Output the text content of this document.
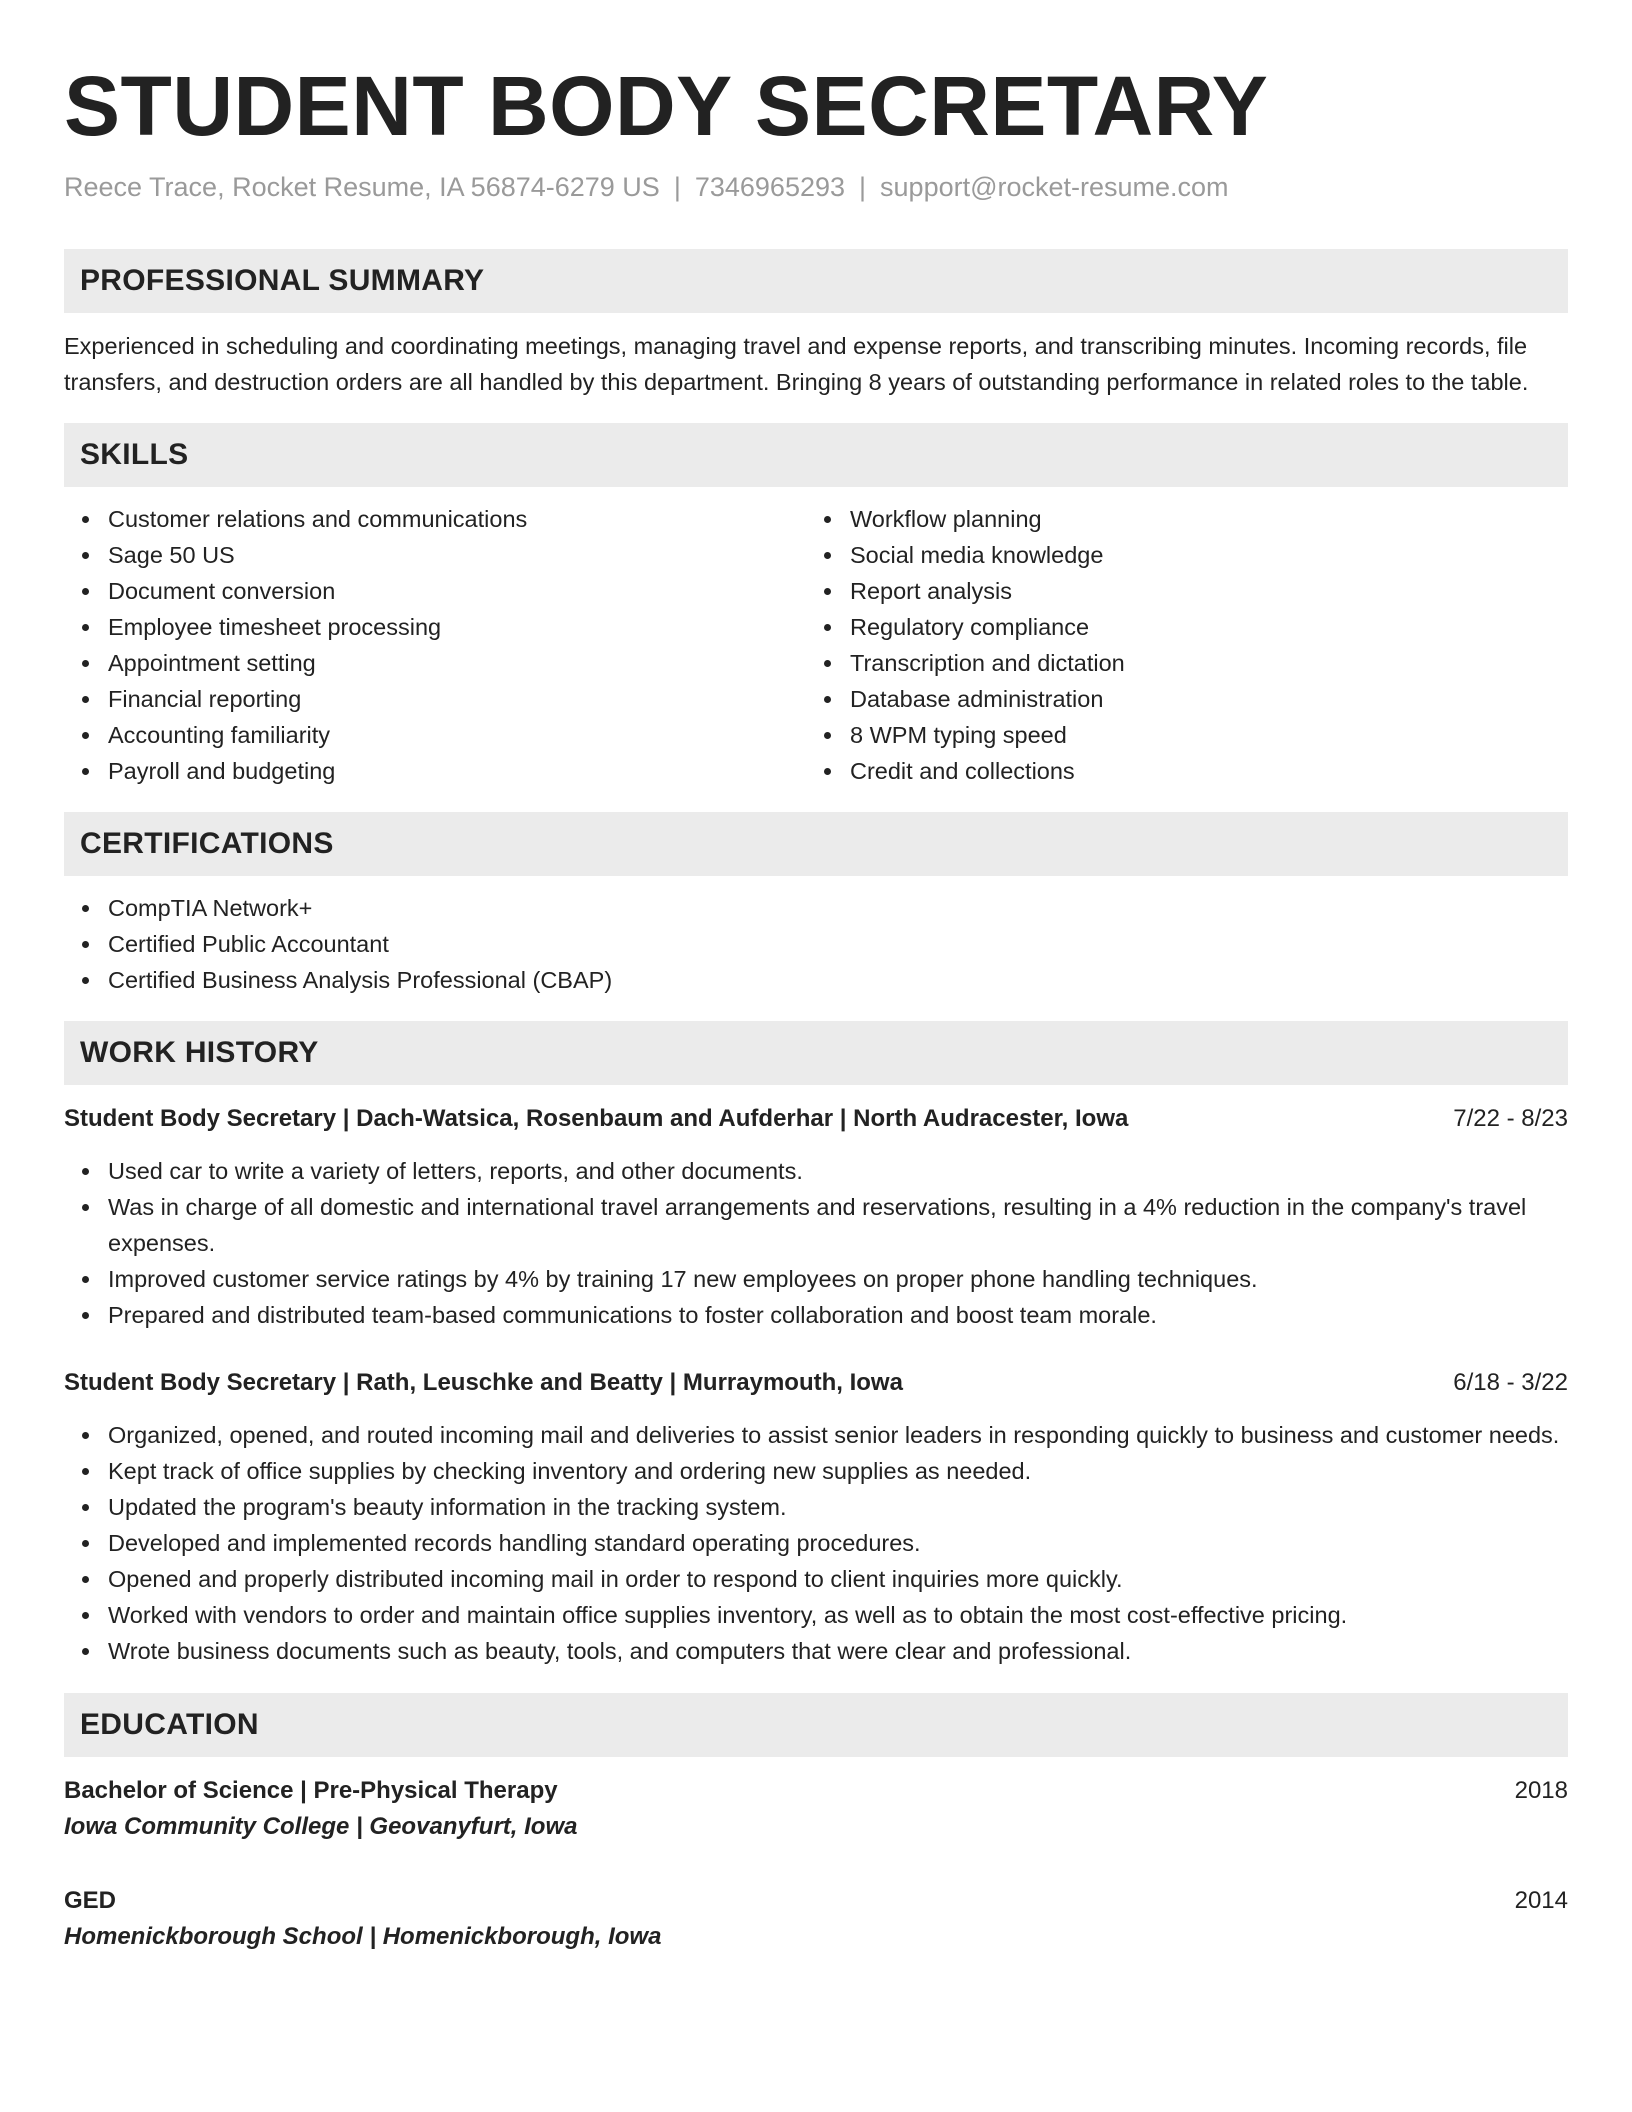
STUDENT BODY SECRETARY
Reece Trace, Rocket Resume, IA 56874-6279 US | 7346965293 | support@rocket-resume.com
PROFESSIONAL SUMMARY

Experienced in scheduling and coordinating meetings, managing travel and expense reports, and transcribing minutes. Incoming records, file transfers, and destruction orders are all handled by this department. Bringing 8 years of outstanding performance in related roles to the table.

SKILLS
Customer relations and communications
Sage 50 US
Document conversion
Employee timesheet processing
Appointment setting
Financial reporting
Accounting familiarity
Payroll and budgeting
Workflow planning
Social media knowledge
Report analysis
Regulatory compliance
Transcription and dictation
Database administration
8 WPM typing speed
Credit and collections
CERTIFICATIONS
CompTIA Network+
Certified Public Accountant
Certified Business Analysis Professional (CBAP)
WORK HISTORY
Student Body Secretary | Dach-Watsica, Rosenbaum and Aufderhar | North Audracester, Iowa	7/22 - 8/23
Used car to write a variety of letters, reports, and other documents.
Was in charge of all domestic and international travel arrangements and reservations, resulting in a 4% reduction in the company's travel expenses.
Improved customer service ratings by 4% by training 17 new employees on proper phone handling techniques.
Prepared and distributed team-based communications to foster collaboration and boost team morale.
Student Body Secretary | Rath, Leuschke and Beatty | Murraymouth, Iowa	6/18 - 3/22
Organized, opened, and routed incoming mail and deliveries to assist senior leaders in responding quickly to business and customer needs.
Kept track of office supplies by checking inventory and ordering new supplies as needed.
Updated the program's beauty information in the tracking system.
Developed and implemented records handling standard operating procedures.
Opened and properly distributed incoming mail in order to respond to client inquiries more quickly.
Worked with vendors to order and maintain office supplies inventory, as well as to obtain the most cost-effective pricing.
Wrote business documents such as beauty, tools, and computers that were clear and professional.
EDUCATION
Bachelor of Science | Pre-Physical Therapy	2018
Iowa Community College | Geovanyfurt, Iowa
GED	2014
Homenickborough School | Homenickborough, Iowa
